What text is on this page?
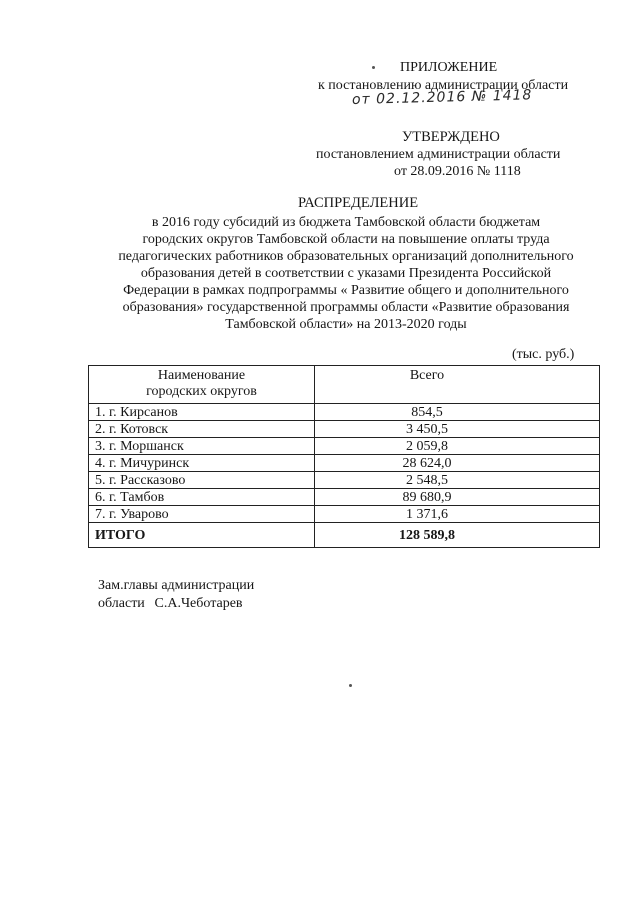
ПРИЛОЖЕНИЕ
к постановлению администрации области
от 02.12.2016 № 1418
УТВЕРЖДЕНО
постановлением администрации области
от 28.09.2016 № 1118
РАСПРЕДЕЛЕНИЕ
в 2016 году субсидий из бюджета Тамбовской области бюджетам
городских округов Тамбовской области на повышение оплаты труда
педагогических работников образовательных организаций дополнительного
образования детей в соответствии с указами Президента Российской
Федерации в рамках подпрограммы « Развитие общего и дополнительного
образования» государственной программы области «Развитие образования
Тамбовской области» на 2013-2020 годы
(тыс. руб.)
Наименование
городских округов	Всего
1. г. Кирсанов	854,5
2. г. Котовск	3 450,5
3. г. Моршанск	2 059,8
4. г. Мичуринск	28 624,0
5. г. Рассказово	2 548,5
6. г. Тамбов	89 680,9
7. г. Уварово	1 371,6
ИТОГО	128 589,8
Зам.главы администрации
области С.А.Чеботарев
